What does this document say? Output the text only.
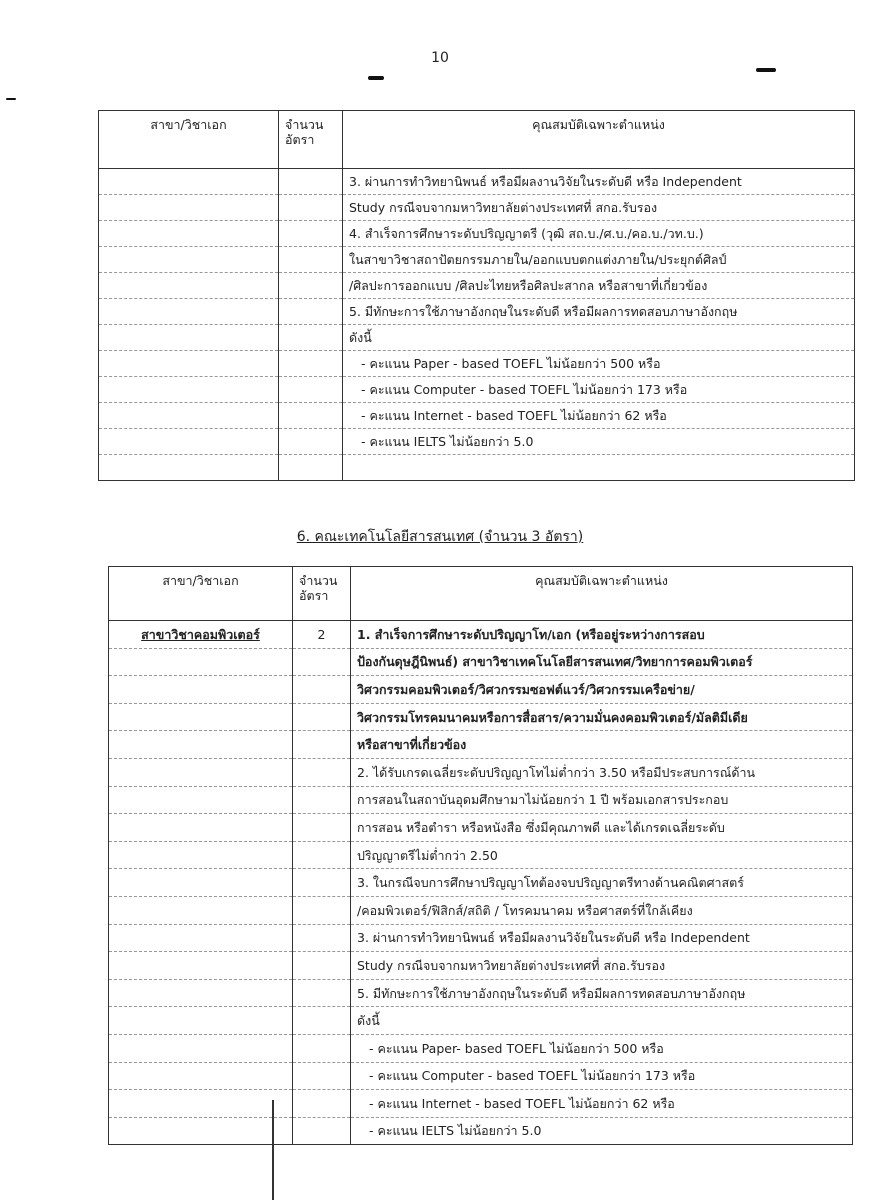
10
สาขา/วิชาเอก	จำนวน อัตรา	คุณสมบัติเฉพาะตำแหน่ง
		3. ผ่านการทำวิทยานิพนธ์ หรือมีผลงานวิจัยในระดับดี หรือ Independent
		Study กรณีจบจากมหาวิทยาลัยต่างประเทศที่ สกอ.รับรอง
		4. สำเร็จการศึกษาระดับปริญญาตรี (วุฒิ สถ.บ./ศ.บ./คอ.บ./วท.บ.)
		ในสาขาวิชาสถาปัตยกรรมภายใน/ออกแบบตกแต่งภายใน/ประยุกต์ศิลป์
		/ศิลปะการออกแบบ /ศิลปะไทยหรือศิลปะสากล หรือสาขาที่เกี่ยวข้อง
		5. มีทักษะการใช้ภาษาอังกฤษในระดับดี หรือมีผลการทดสอบภาษาอังกฤษ
		ดังนี้
		- คะแนน Paper - based TOEFL ไม่น้อยกว่า 500 หรือ
		- คะแนน Computer - based TOEFL ไม่น้อยกว่า 173 หรือ
		- คะแนน Internet - based TOEFL ไม่น้อยกว่า 62 หรือ
		- คะแนน IELTS ไม่น้อยกว่า 5.0

6. คณะเทคโนโลยีสารสนเทศ (จำนวน 3 อัตรา)
สาขา/วิชาเอก	จำนวน อัตรา	คุณสมบัติเฉพาะตำแหน่ง
สาขาวิชาคอมพิวเตอร์	2	1. สำเร็จการศึกษาระดับปริญญาโท/เอก (หรืออยู่ระหว่างการสอบ
		ป้องกันดุษฎีนิพนธ์) สาขาวิชาเทคโนโลยีสารสนเทศ/วิทยาการคอมพิวเตอร์
		วิศวกรรมคอมพิวเตอร์/วิศวกรรมซอฟต์แวร์/วิศวกรรมเครือข่าย/
		วิศวกรรมโทรคมนาคมหรือการสื่อสาร/ความมั่นคงคอมพิวเตอร์/มัลติมีเดีย
		หรือสาขาที่เกี่ยวข้อง
		2. ได้รับเกรดเฉลี่ยระดับปริญญาโทไม่ต่ำกว่า 3.50 หรือมีประสบการณ์ด้าน
		การสอนในสถาบันอุดมศึกษามาไม่น้อยกว่า 1 ปี พร้อมเอกสารประกอบ
		การสอน หรือตำรา หรือหนังสือ ซึ่งมีคุณภาพดี และได้เกรดเฉลี่ยระดับ
		ปริญญาตรีไม่ต่ำกว่า 2.50
		3. ในกรณีจบการศึกษาปริญญาโทต้องจบปริญญาตรีทางด้านคณิตศาสตร์
		/คอมพิวเตอร์/ฟิสิกส์/สถิติ / โทรคมนาคม หรือศาสตร์ที่ใกล้เคียง
		3. ผ่านการทำวิทยานิพนธ์ หรือมีผลงานวิจัยในระดับดี หรือ Independent
		Study กรณีจบจากมหาวิทยาลัยต่างประเทศที่ สกอ.รับรอง
		5. มีทักษะการใช้ภาษาอังกฤษในระดับดี หรือมีผลการทดสอบภาษาอังกฤษ
		ดังนี้
		- คะแนน Paper- based TOEFL ไม่น้อยกว่า 500 หรือ
		- คะแนน Computer - based TOEFL ไม่น้อยกว่า 173 หรือ
		- คะแนน Internet - based TOEFL ไม่น้อยกว่า 62 หรือ
		- คะแนน IELTS ไม่น้อยกว่า 5.0
